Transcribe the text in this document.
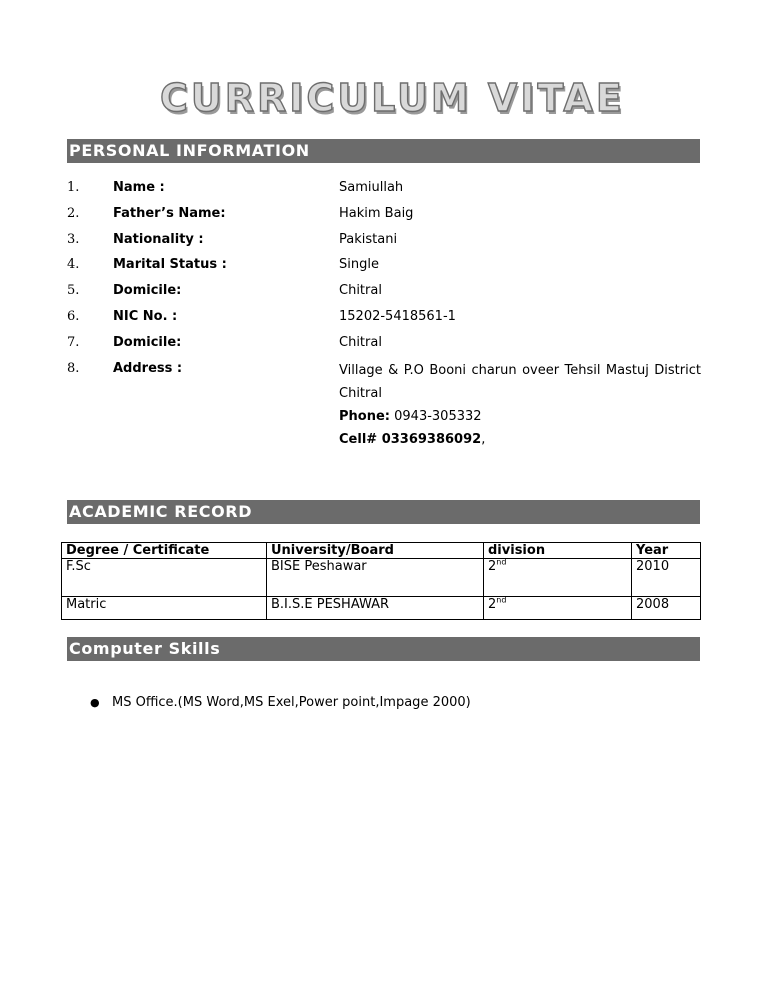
CURRICULUM VITAE
PERSONAL INFORMATION
1.	Name :	Samiullah
2.	Father’s Name:	Hakim Baig
3.	Nationality :	Pakistani
4.	Marital Status :	Single
5.	Domicile:	Chitral
6.	NIC No. :	15202-5418561-1
7.	Domicile:	Chitral
8.	Address :	Village & P.O Booni charun oveer Tehsil Mastuj District
Chitral
Phone: 0943-305332
Cell# 03369386092,
ACADEMIC RECORD
Degree / Certificate	University/Board	division	Year
F.Sc	BISE Peshawar	2nd	2010
Matric	B.I.S.E PESHAWAR	2nd	2008
Computer Skills
● MS Office.(MS Word,MS Exel,Power point,Impage 2000)
